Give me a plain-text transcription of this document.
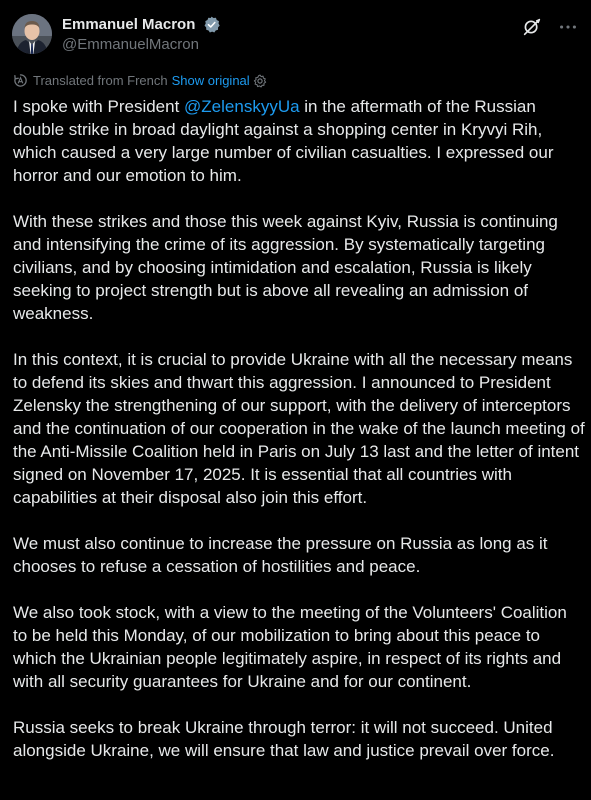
Emmanuel Macron
@EmmanuelMacron

Translated from French Show original

I spoke with President @ZelenskyyUa in the aftermath of the Russian double strike in broad daylight against a shopping center in Kryvyi Rih, which caused a very large number of civilian casualties. I expressed our horror and our emotion to him.

With these strikes and those this week against Kyiv, Russia is continuing and intensifying the crime of its aggression. By systematically targeting civilians, and by choosing intimidation and escalation, Russia is likely seeking to project strength but is above all revealing an admission of weakness.

In this context, it is crucial to provide Ukraine with all the necessary means to defend its skies and thwart this aggression. I announced to President Zelensky the strengthening of our support, with the delivery of interceptors and the continuation of our cooperation in the wake of the launch meeting of the Anti-Missile Coalition held in Paris on July 13 last and the letter of intent signed on November 17, 2025. It is essential that all countries with capabilities at their disposal also join this effort.

We must also continue to increase the pressure on Russia as long as it chooses to refuse a cessation of hostilities and peace.

We also took stock, with a view to the meeting of the Volunteers' Coalition to be held this Monday, of our mobilization to bring about this peace to which the Ukrainian people legitimately aspire, in respect of its rights and with all security guarantees for Ukraine and for our continent.

Russia seeks to break Ukraine through terror: it will not succeed. United alongside Ukraine, we will ensure that law and justice prevail over force.
